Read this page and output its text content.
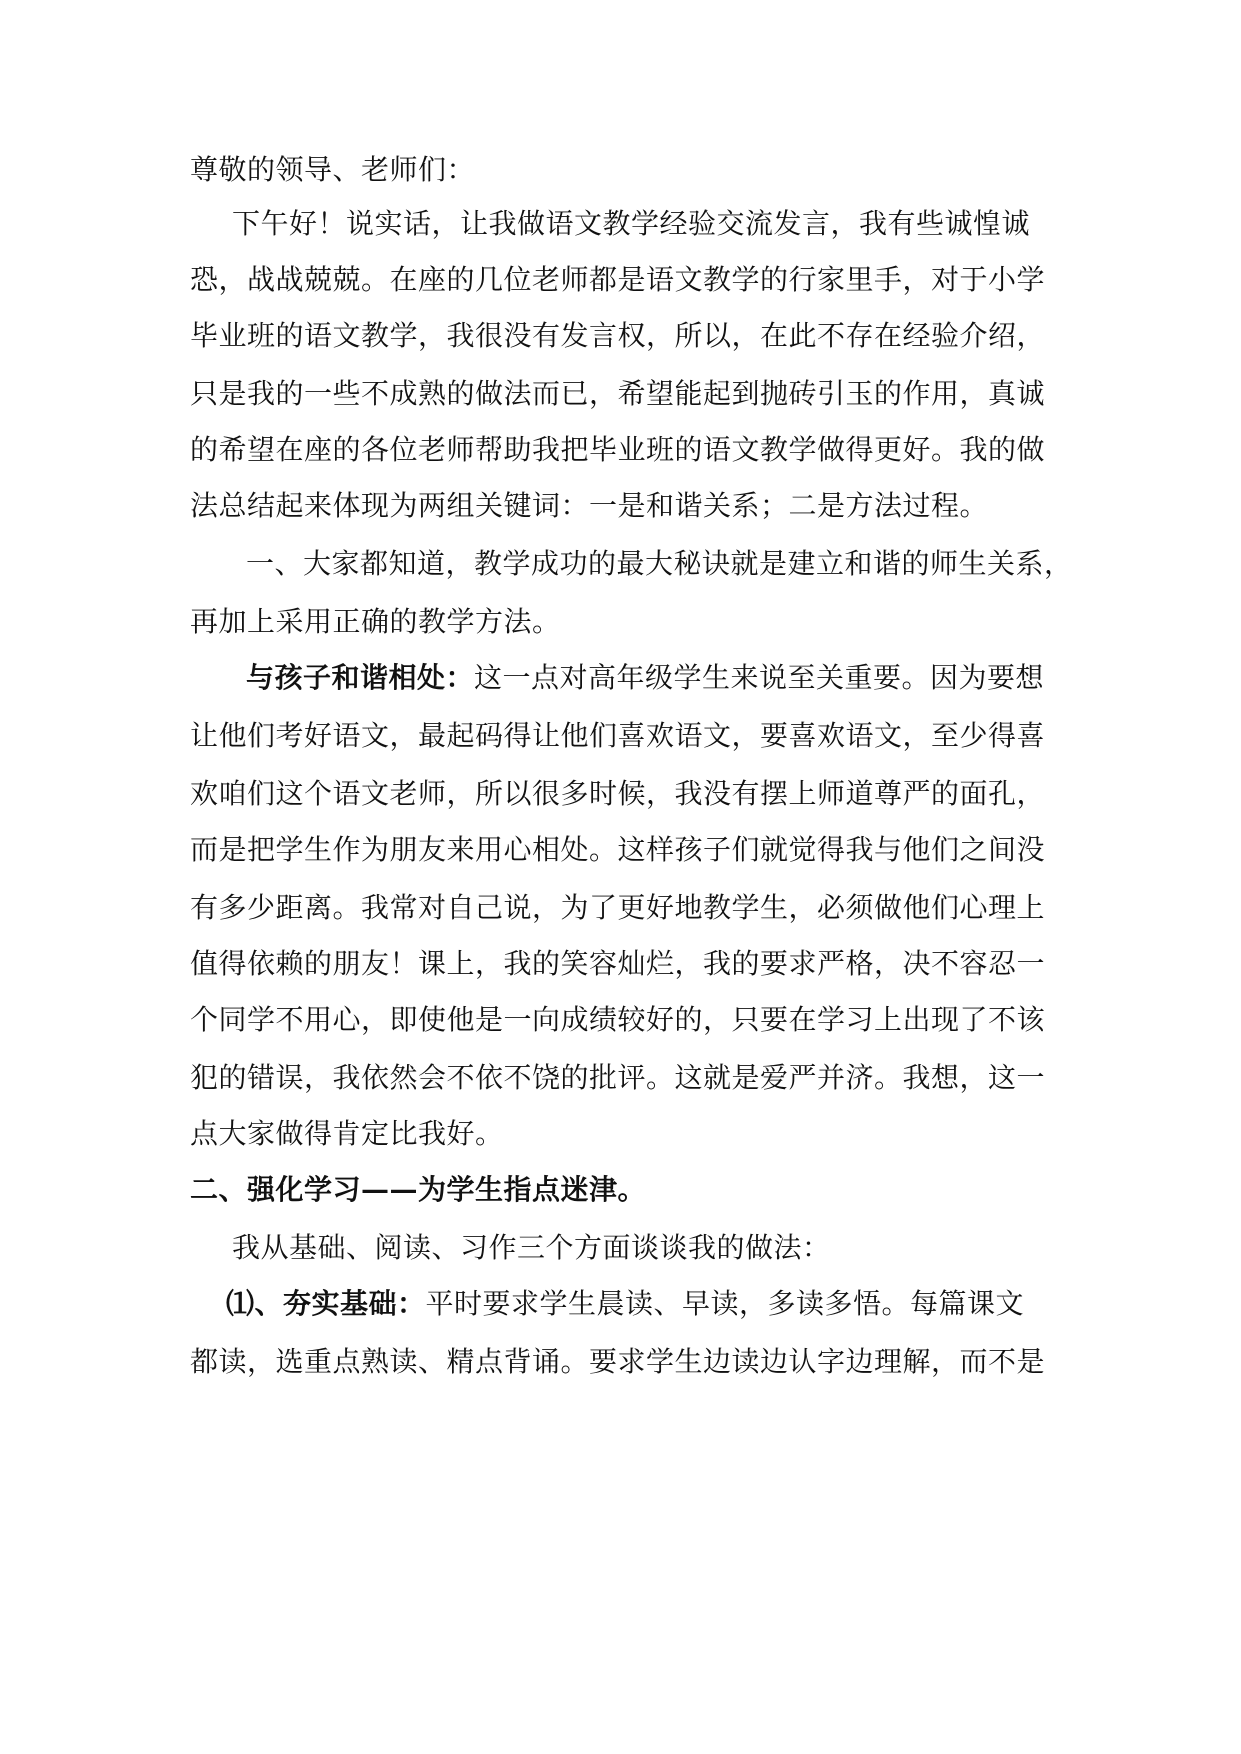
尊敬的领导、老师们：
下午好！说实话，让我做语文教学经验交流发言，我有些诚惶诚
恐，战战兢兢。在座的几位老师都是语文教学的行家里手，对于小学
毕业班的语文教学，我很没有发言权，所以，在此不存在经验介绍，
只是我的一些不成熟的做法而已，希望能起到抛砖引玉的作用，真诚
的希望在座的各位老师帮助我把毕业班的语文教学做得更好。我的做
法总结起来体现为两组关键词：一是和谐关系；二是方法过程。
一、大家都知道，教学成功的最大秘诀就是建立和谐的师生关系，
再加上采用正确的教学方法。
与孩子和谐相处：这一点对高年级学生来说至关重要。因为要想
让他们考好语文，最起码得让他们喜欢语文，要喜欢语文，至少得喜
欢咱们这个语文老师，所以很多时候，我没有摆上师道尊严的面孔，
而是把学生作为朋友来用心相处。这样孩子们就觉得我与他们之间没
有多少距离。我常对自己说，为了更好地教学生，必须做他们心理上
值得依赖的朋友！课上，我的笑容灿烂，我的要求严格，决不容忍一
个同学不用心，即使他是一向成绩较好的，只要在学习上出现了不该
犯的错误，我依然会不依不饶的批评。这就是爱严并济。我想，这一
点大家做得肯定比我好。
二、强化学习——为学生指点迷津。
我从基础、阅读、习作三个方面谈谈我的做法：
⑴、夯实基础：平时要求学生晨读、早读，多读多悟。每篇课文
都读，选重点熟读、精点背诵。要求学生边读边认字边理解，而不是
